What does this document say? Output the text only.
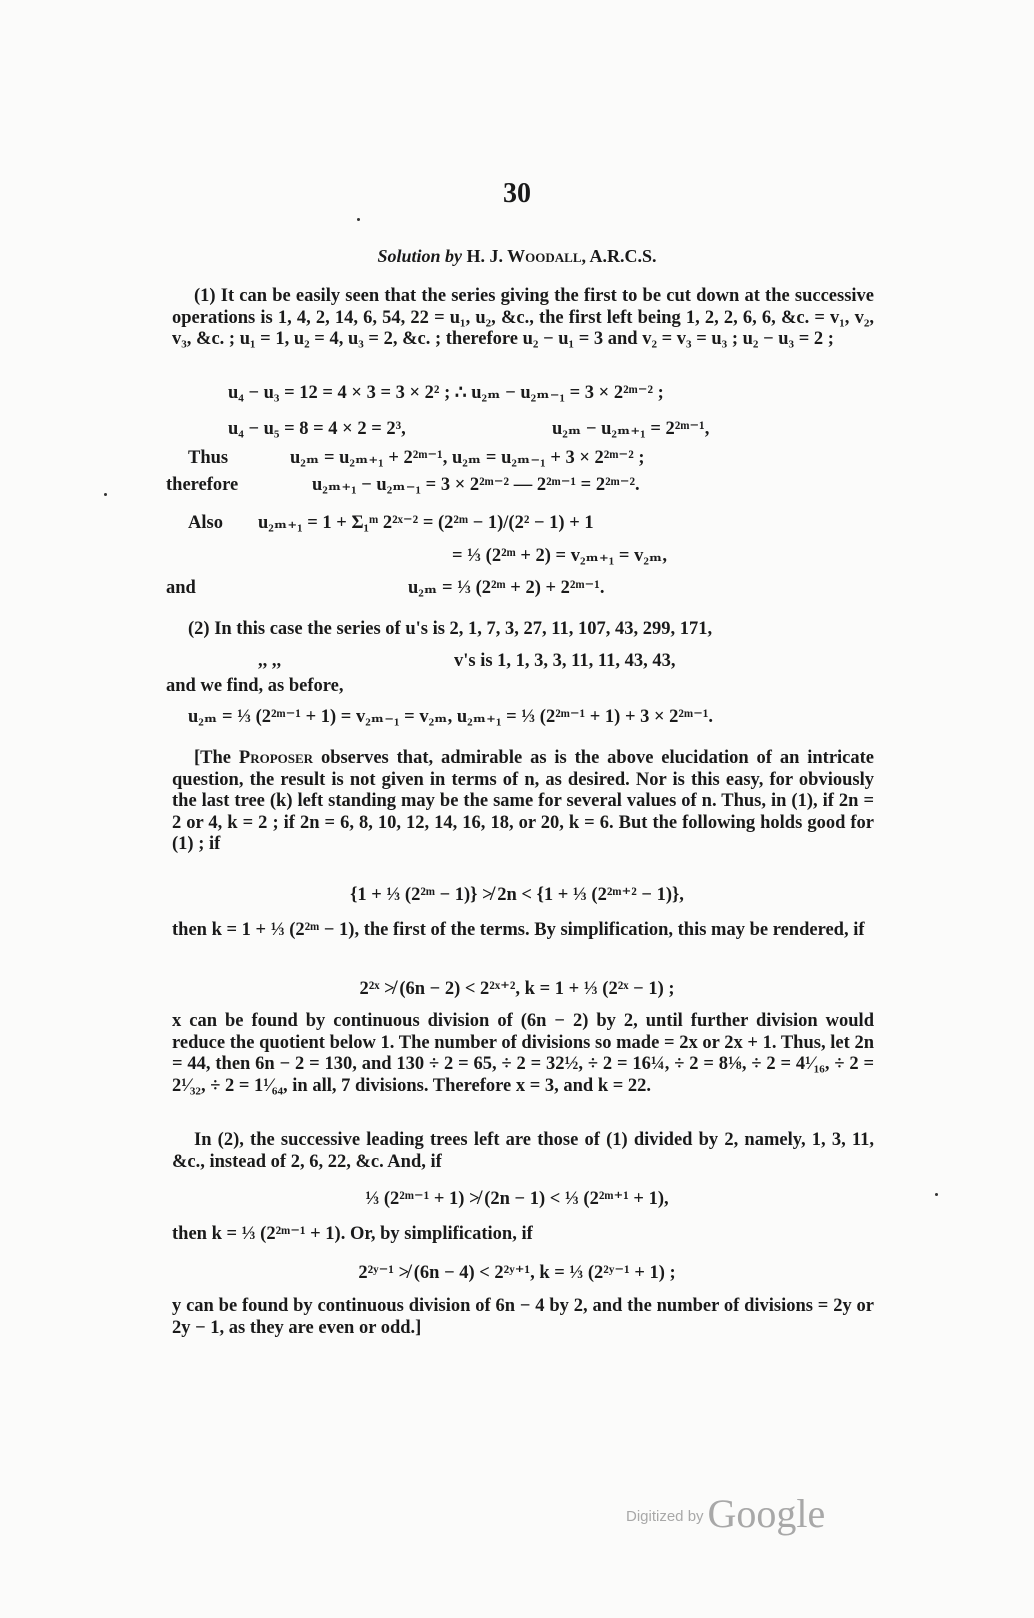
30
Solution by H. J. Woodall, A.R.C.S.

(1) It can be easily seen that the series giving the first to be cut down at the successive operations is 1, 4, 2, 14, 6, 54, 22 = u₁, u₂, &c., the first left being 1, 2, 2, 6, 6, &c. = v₁, v₂, v₃, &c. ; u₁ = 1, u₂ = 4, u₃ = 2, &c. ; therefore u₂ − u₁ = 3 and v₂ = v₃ = u₃ ; u₂ − u₃ = 2 ;

u₄ − u₃ = 12 = 4 × 3 = 3 × 2² ; ∴ u₂ₘ − u₂ₘ₋₁ = 3 × 2²ᵐ⁻² ;

u₄ − u₅ = 8 = 4 × 2 = 2³,	u₂ₘ − u₂ₘ₊₁ = 2²ᵐ⁻¹,

Thus	u₂ₘ = u₂ₘ₊₁ + 2²ᵐ⁻¹, u₂ₘ = u₂ₘ₋₁ + 3 × 2²ᵐ⁻² ;

therefore	u₂ₘ₊₁ − u₂ₘ₋₁ = 3 × 2²ᵐ⁻² — 2²ᵐ⁻¹ = 2²ᵐ⁻².

Also u₂ₘ₊₁ = 1 + Σ₁ᵐ 2²ˣ⁻² = (2²ᵐ − 1)/(2² − 1) + 1

= ⅓ (2²ᵐ + 2) = v₂ₘ₊₁ = v₂ₘ,

and	u₂ₘ = ⅓ (2²ᵐ + 2) + 2²ᵐ⁻¹.

(2) In this case the series of u's is 2, 1, 7, 3, 27, 11, 107, 43, 299, 171,

,, ,,	v's is 1, 1, 3, 3, 11, 11, 43, 43,

and we find, as before,

u₂ₘ = ⅓ (2²ᵐ⁻¹ + 1) = v₂ₘ₋₁ = v₂ₘ, u₂ₘ₊₁ = ⅓ (2²ᵐ⁻¹ + 1) + 3 × 2²ᵐ⁻¹.

[The Proposer observes that, admirable as is the above elucidation of an intricate question, the result is not given in terms of n, as desired. Nor is this easy, for obviously the last tree (k) left standing may be the same for several values of n. Thus, in (1), if 2n = 2 or 4, k = 2 ; if 2n = 6, 8, 10, 12, 14, 16, 18, or 20, k = 6. But the following holds good for (1) ; if

{1 + ⅓ (2²ᵐ − 1)} ≯ 2n < {1 + ⅓ (2²ᵐ⁺² − 1)},

then k = 1 + ⅓ (2²ᵐ − 1), the first of the terms. By simplification, this may be rendered, if

2²ˣ ≯ (6n − 2) < 2²ˣ⁺², k = 1 + ⅓ (2²ˣ − 1) ;

x can be found by continuous division of (6n − 2) by 2, until further division would reduce the quotient below 1. The number of divisions so made = 2x or 2x + 1. Thus, let 2n = 44, then 6n − 2 = 130, and 130 ÷ 2 = 65, ÷ 2 = 32½, ÷ 2 = 16¼, ÷ 2 = 8⅛, ÷ 2 = 4¹⁄₁₆, ÷ 2 = 2¹⁄₃₂, ÷ 2 = 1¹⁄₆₄, in all, 7 divisions. Therefore x = 3, and k = 22.

In (2), the successive leading trees left are those of (1) divided by 2, namely, 1, 3, 11, &c., instead of 2, 6, 22, &c. And, if

⅓ (2²ᵐ⁻¹ + 1) ≯ (2n − 1) < ⅓ (2²ᵐ⁺¹ + 1),

then k = ⅓ (2²ᵐ⁻¹ + 1). Or, by simplification, if

2²ʸ⁻¹ ≯ (6n − 4) < 2²ʸ⁺¹, k = ⅓ (2²ʸ⁻¹ + 1) ;

y can be found by continuous division of 6n − 4 by 2, and the number of divisions = 2y or 2y − 1, as they are even or odd.]

Digitized by Google
